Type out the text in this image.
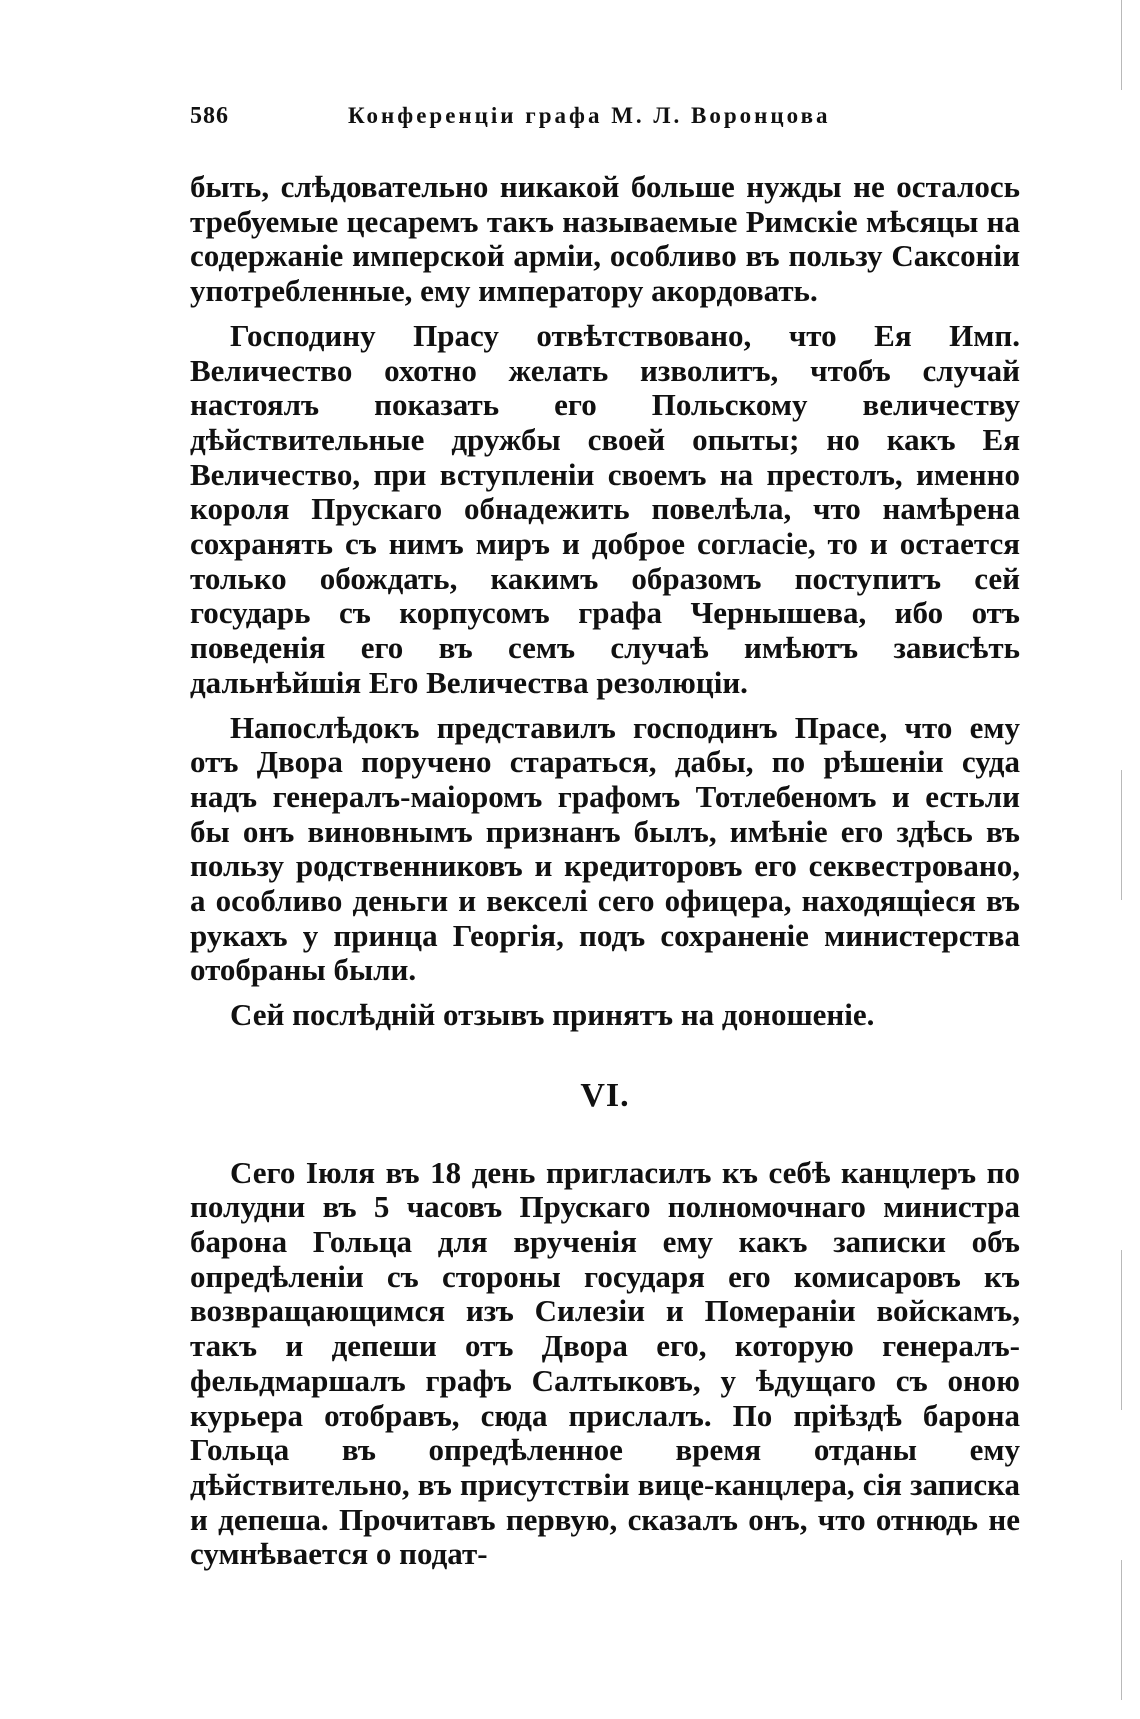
586	Конференціи графа М. Л. Воронцова

быть, слѣдовательно никакой больше нужды не осталось требуемые цесаремъ такъ называемые Римскіе мѣсяцы на содержаніе имперской арміи, особливо въ пользу Саксоніи употребленные, ему императору акордовать.

Господину Прасу отвѣтствовано, что Ея Имп. Величество охотно желать изволитъ, чтобъ случай настоялъ показать его Польскому величеству дѣйствительные дружбы своей опыты; но какъ Ея Величество, при вступленіи своемъ на престолъ, именно короля Прускаго обнадежить повелѣла, что намѣрена сохранять съ нимъ миръ и доброе согласіе, то и остается только обождать, какимъ образомъ поступитъ сей государь съ корпусомъ графа Чернышева, ибо отъ поведенія его въ семъ случаѣ имѣютъ зависѣть дальнѣйшія Его Величества резолюціи.

Напослѣдокъ представилъ господинъ Прасе, что ему отъ Двора поручено стараться, дабы, по рѣшеніи суда надъ генералъ-маіоромъ графомъ Тотлебеномъ и естьли бы онъ виновнымъ признанъ былъ, имѣніе его здѣсь въ пользу родственниковъ и кредиторовъ его секвестровано, а особливо деньги и векселі сего офицера, находящіеся въ рукахъ у принца Георгія, подъ сохраненіе министерства отобраны были.

Сей послѣдній отзывъ принятъ на доношеніе.

VI.

Сего Іюля въ 18 день пригласилъ къ себѣ канцлеръ по полудни въ 5 часовъ Прускаго полномочнаго министра барона Гольца для врученія ему какъ записки объ опредѣленіи съ стороны государя его комисаровъ къ возвращающимся изъ Силезіи и Помераніи войскамъ, такъ и депеши отъ Двора его, которую генералъ-фельдмаршалъ графъ Салтыковъ, у ѣдущаго съ оною курьера отобравъ, сюда прислалъ. По пріѣздѣ барона Гольца въ опредѣленное время отданы ему дѣйствительно, въ присутствіи вице-канцлера, сія записка и депеша. Прочитавъ первую, сказалъ онъ, что отнюдь не сумнѣвается о подат-
